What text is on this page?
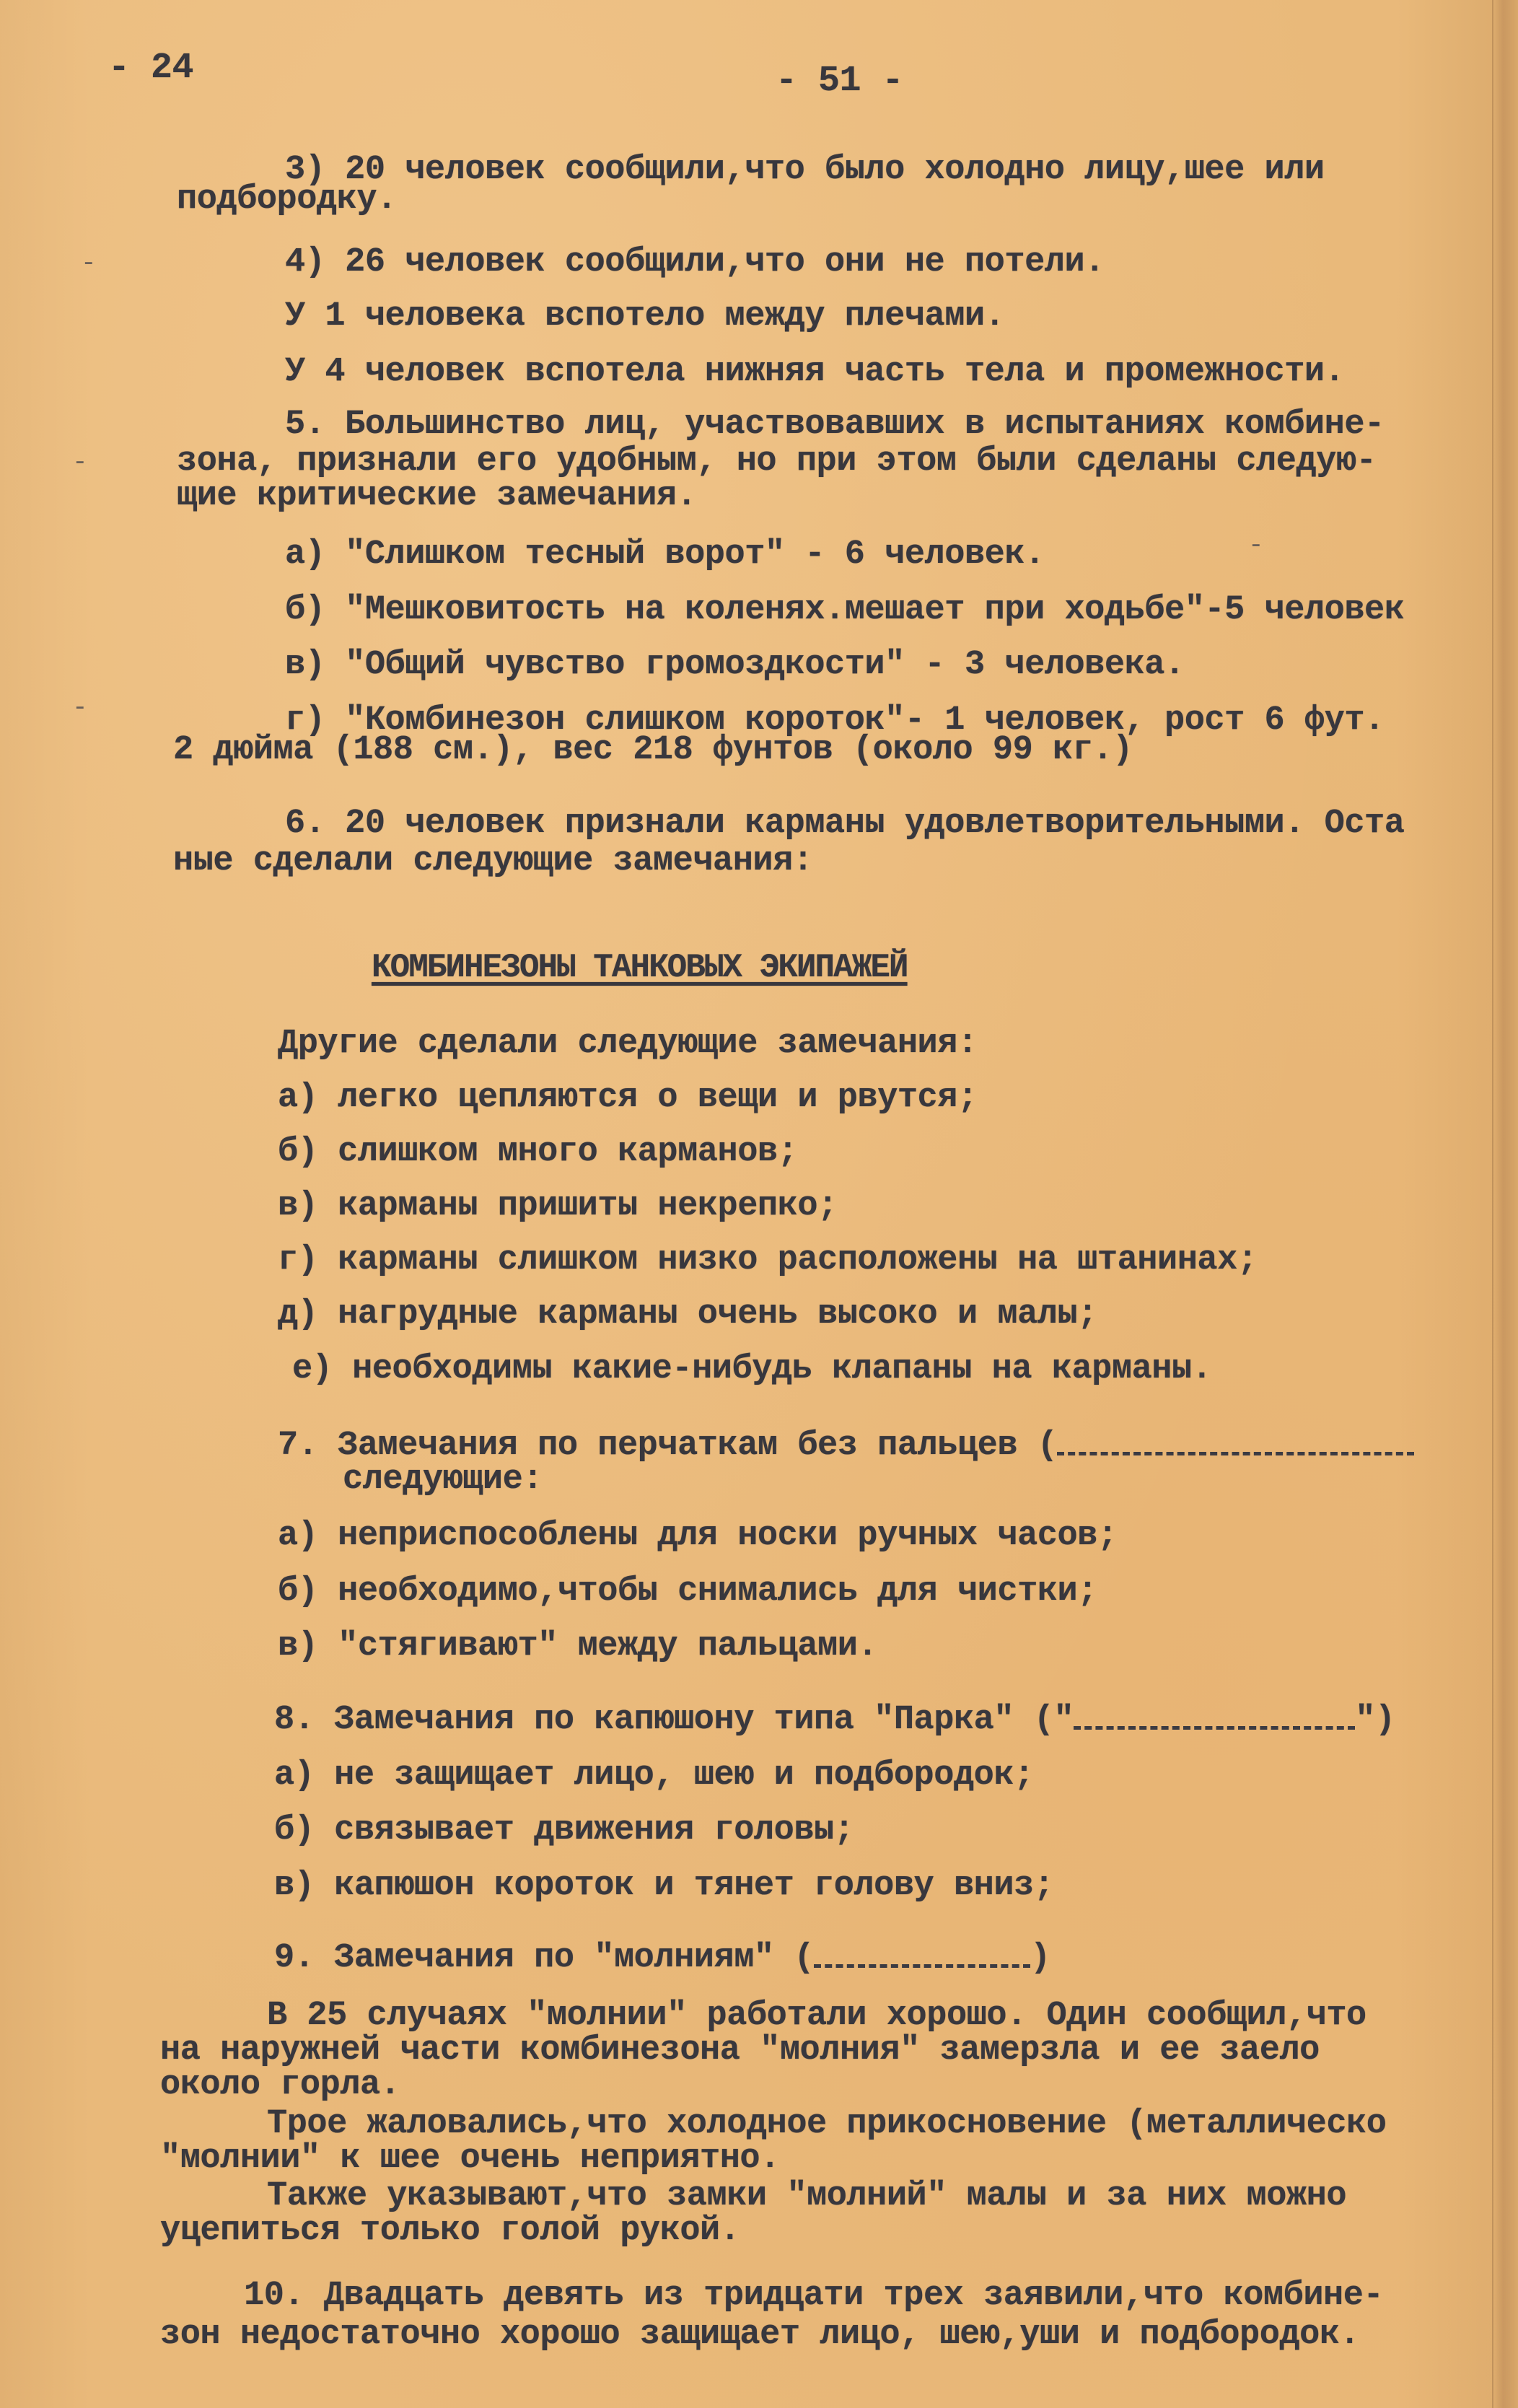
- 24	- 51 -
3) 20 человек сообщили,что было холодно лицу,шее или
подбородку.
4) 26 человек сообщили,что они не потели.
У 1 человека вспотело между плечами.
У 4 человек вспотела нижняя часть тела и промежности.
5. Большинство лиц, участвовавших в испытаниях комбине-
зона, признали его удобным, но при этом были сделаны следую-
щие критические замечания.
а) "Слишком тесный ворот" - 6 человек.
б) "Мешковитость на коленях.мешает при ходьбе"-5 человек
в) "Общий чувство громоздкости" - 3 человека.
г) "Комбинезон слишком короток"- 1 человек, рост 6 фут.
2 дюйма (188 см.), вес 218 фунтов (около 99 кг.)
6. 20 человек признали карманы удовлетворительными. Оста
ные сделали следующие замечания:
КОМБИНЕЗОНЫ ТАНКОВЫХ ЭКИПАЖЕЙ
Другие сделали следующие замечания:
а) легко цепляются о вещи и рвутся;
б) слишком много карманов;
в) карманы пришиты некрепко;
г) карманы слишком низко расположены на штанинах;
д) нагрудные карманы очень высоко и малы;
е) необходимы какие-нибудь клапаны на карманы.
7. Замечания по перчаткам без пальцев (
следующие:
а) неприспособлены для носки ручных часов;
б) необходимо,чтобы снимались для чистки;
в) "стягивают" между пальцами.
8. Замечания по капюшону типа "Парка" ("	")
а) не защищает лицо, шею и подбородок;
б) связывает движения головы;
в) капюшон короток и тянет голову вниз;
9. Замечания по "молниям" (	)
В 25 случаях "молнии" работали хорошо. Один сообщил,что
на наружней части комбинезона "молния" замерзла и ее заело
около горла.
Трое жаловались,что холодное прикосновение (металлическо
"молнии" к шее очень неприятно.
Также указывают,что замки "молний" малы и за них можно
уцепиться только голой рукой.
10. Двадцать девять из тридцати трех заявили,что комбине-
зон недостаточно хорошо защищает лицо, шею,уши и подбородок.
-
-
-
-
